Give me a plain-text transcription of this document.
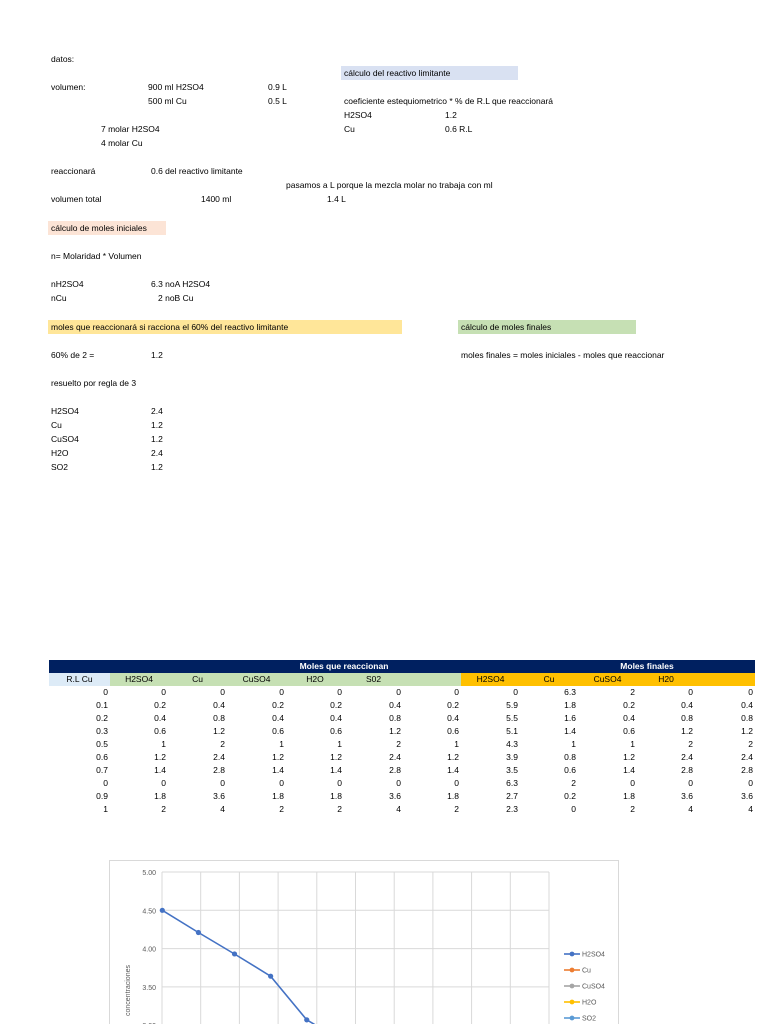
datos:
cálculo del reactivo limitante
volumen:	900 ml H2SO4	0.9 L
500 ml Cu	0.5 L	coeficiente estequiometrico * % de R.L que reaccionará
H2SO4	1.2
Cu	0.6 R.L
7 molar H2SO4
4 molar Cu
reaccionará	0.6 del reactivo limitante
pasamos a L porque la mezcla molar no trabaja con ml
volumen total	1400 ml	1.4 L
cálculo de moles iniciales
n= Molaridad * Volumen
nH2SO4	6.3 noA H2SO4
nCu	2 noB Cu
moles que reaccionará si racciona el 60% del reactivo limitante	cálculo de moles finales
60% de 2 =	1.2	moles finales = moles iniciales - moles que reaccionar
resuelto por regla de 3
H2SO4	2.4
Cu	1.2
CuSO4	1.2
H2O	2.4
SO2	1.2
Moles que reaccionan							Moles finales				
R.L Cu	H2SO4	Cu	CuSO4	H2O	S02		H2SO4	Cu	CuSO4	H20	
0	0	0	0	0	0	0	0	6.3	2	0	0
0.1	0.2	0.4	0.2	0.2	0.4	0.2	5.9	1.8	0.2	0.4	0.4
0.2	0.4	0.8	0.4	0.4	0.8	0.4	5.5	1.6	0.4	0.8	0.8
0.3	0.6	1.2	0.6	0.6	1.2	0.6	5.1	1.4	0.6	1.2	1.2
0.5	1	2	1	1	2	1	4.3	1	1	2	2
0.6	1.2	2.4	1.2	1.2	2.4	1.2	3.9	0.8	1.2	2.4	2.4
0.7	1.4	2.8	1.4	1.4	2.8	1.4	3.5	0.6	1.4	2.8	2.8
0	0	0	0	0	0	0	6.3	2	0	0	0
0.9	1.8	3.6	1.8	1.8	3.6	1.8	2.7	0.2	1.8	3.6	3.6
1	2	4	2	2	4	2	2.3	0	2	4	4
3.50
4.00
4.50
5.00
concentraciones
H2SO4
Cu
CuSO4
H2O
SO2
